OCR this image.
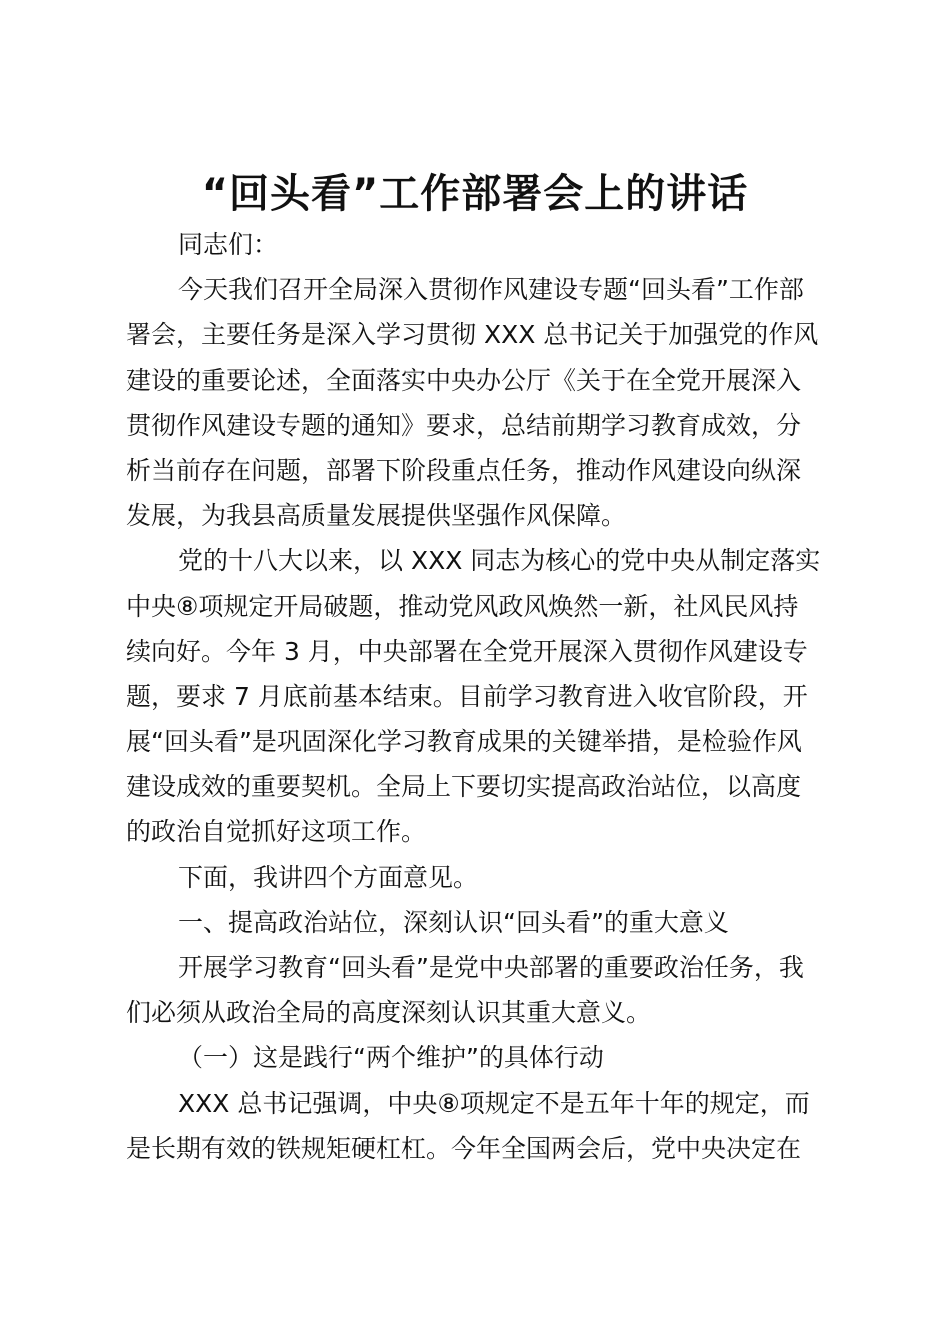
“回头看”工作部署会上的讲话
同志们：
今天我们召开全局深入贯彻作风建设专题“回头看”工作部
署会，主要任务是深入学习贯彻 XXX 总书记关于加强党的作风
建设的重要论述，全面落实中央办公厅《关于在全党开展深入
贯彻作风建设专题的通知》要求，总结前期学习教育成效，分
析当前存在问题，部署下阶段重点任务，推动作风建设向纵深
发展，为我县高质量发展提供坚强作风保障。
党的十八大以来，以 XXX 同志为核心的党中央从制定落实
中央⑧项规定开局破题，推动党风政风焕然一新，社风民风持
续向好。今年 3 月，中央部署在全党开展深入贯彻作风建设专
题，要求 7 月底前基本结束。目前学习教育进入收官阶段，开
展“回头看”是巩固深化学习教育成果的关键举措，是检验作风
建设成效的重要契机。全局上下要切实提高政治站位，以高度
的政治自觉抓好这项工作。
下面，我讲四个方面意见。
一、提高政治站位，深刻认识“回头看”的重大意义
开展学习教育“回头看”是党中央部署的重要政治任务，我
们必须从政治全局的高度深刻认识其重大意义。
（一）这是践行“两个维护”的具体行动
XXX 总书记强调，中央⑧项规定不是五年十年的规定，而
是长期有效的铁规矩硬杠杠。今年全国两会后，党中央决定在
